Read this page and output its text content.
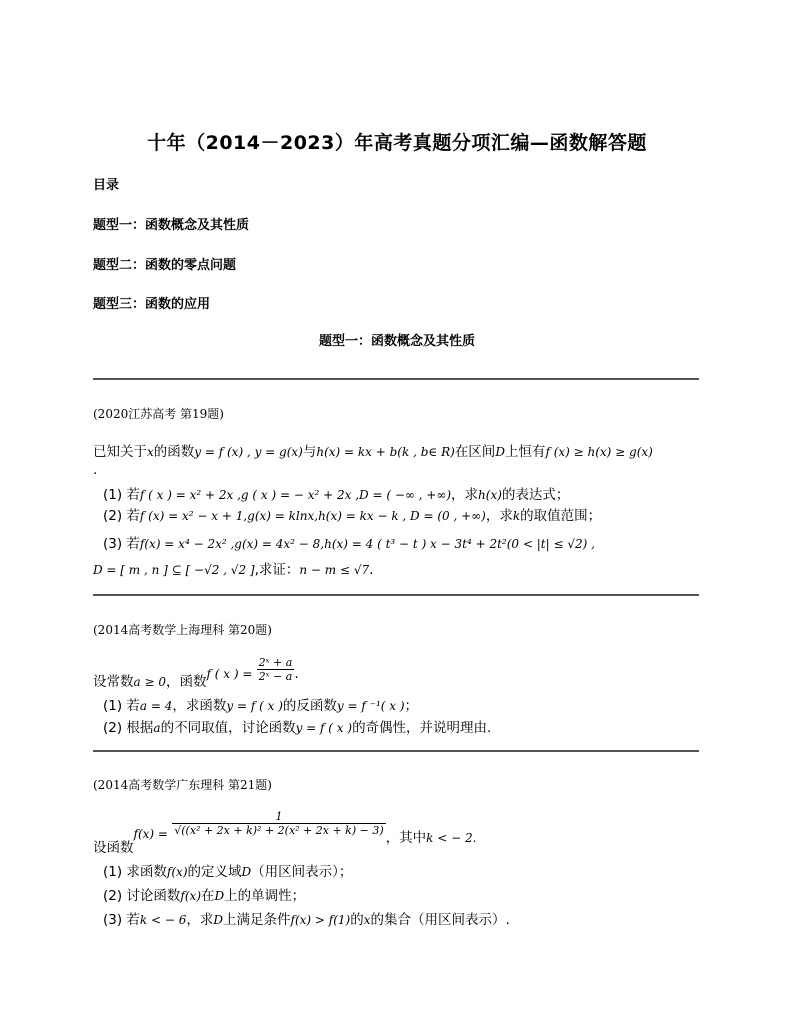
十年（2014－2023）年高考真题分项汇编—函数解答题
目录
题型一：函数概念及其性质
题型二：函数的零点问题
题型三：函数的应用
题型一：函数概念及其性质
(2020江苏高考 第19题)
已知关于x的函数y = f (x) , y = g(x)与h(x) = kx + b(k , b∈ R)在区间D上恒有f (x) ≥ h(x) ≥ g(x)
.
(1) 若f ( x ) = x² + 2x ,g ( x ) = − x² + 2x ,D = ( −∞ , +∞)，求h(x)的表达式；
(2) 若f (x) = x² − x + 1,g(x) = klnx,h(x) = kx − k , D = (0 , +∞)，求k的取值范围；
(3) 若f(x) = x⁴ − 2x² ,g(x) = 4x² − 8,h(x) = 4 ( t³ − t ) x − 3t⁴ + 2t²(0 < |t| ≤ √2) ,
D = [ m , n ] ⊆ [ −√2 , √2 ],求证：n − m ≤ √7.
(2014高考数学上海理科 第20题)
设常数a ≥ 0，函数f ( x ) = $\frac{\text{2ˣ + a}}{\text{2ˣ − a}}$ .
(1) 若a = 4，求函数y = f ( x )的反函数y = f ⁻¹( x )；
(2) 根据a的不同取值，讨论函数y = f ( x )的奇偶性，并说明理由.
(2014高考数学广东理科 第21题)
设函数$f(x) = \frac{1}{\text{√((x² + 2x + k)² + 2(x² + 2x + k) − 3)}}$
，其中k < − 2.
(1) 求函数f(x)的定义域D（用区间表示）；
(2) 讨论函数f(x)在D上的单调性；
(3) 若k < − 6，求D上满足条件f(x) > f(1)的x的集合（用区间表示）.
